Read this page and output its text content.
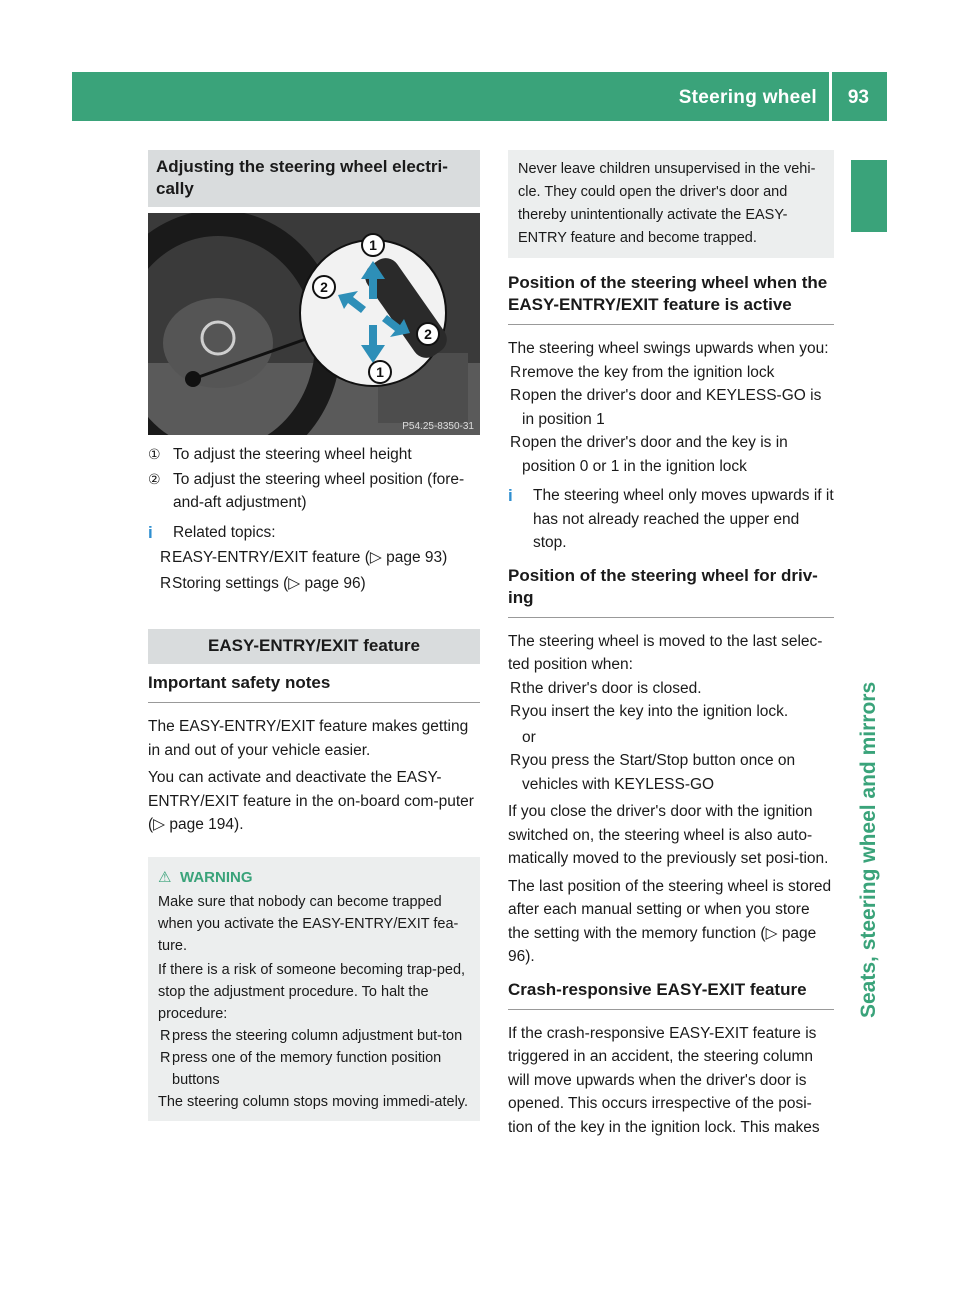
Steering wheel 93
Seats, steering wheel and mirrors
Adjusting the steering wheel electri-
cally
1
2
2
1
P54.25-8350-31
① To adjust the steering wheel height
② To adjust the steering wheel position (fore-and-aft adjustment)
i	Related topics:
R EASY-ENTRY/EXIT feature (▷ page 93)
R Storing settings (▷ page 96)
EASY-ENTRY/EXIT feature
Important safety notes
The EASY-ENTRY/EXIT feature makes getting in and out of your vehicle easier.
You can activate and deactivate the EASY-ENTRY/EXIT feature in the on-board com-puter (▷ page 194).
⚠ WARNING
Make sure that nobody can become trapped when you activate the EASY-ENTRY/EXIT fea-ture.
If there is a risk of someone becoming trap-ped, stop the adjustment procedure. To halt the procedure:
R press the steering column adjustment but-ton
R press one of the memory function position buttons
The steering column stops moving immedi-ately.
Never leave children unsupervised in the vehi-cle. They could open the driver's door and thereby unintentionally activate the EASY-ENTRY feature and become trapped.
Position of the steering wheel when the EASY-ENTRY/EXIT feature is active
The steering wheel swings upwards when you:
R remove the key from the ignition lock
R open the driver's door and KEYLESS-GO is in position 1
R open the driver's door and the key is in position 0 or 1 in the ignition lock
i	The steering wheel only moves upwards if it has not already reached the upper end stop.
Position of the steering wheel for driv-ing
The steering wheel is moved to the last selec-ted position when:
R the driver's door is closed.
R you insert the key into the ignition lock.
or
R you press the Start/Stop button once on vehicles with KEYLESS-GO
If you close the driver's door with the ignition switched on, the steering wheel is also auto-matically moved to the previously set posi-tion.
The last position of the steering wheel is stored after each manual setting or when you store the setting with the memory function (▷ page 96).
Crash-responsive EASY-EXIT feature
If the crash-responsive EASY-EXIT feature is triggered in an accident, the steering column will move upwards when the driver's door is opened. This occurs irrespective of the posi-tion of the key in the ignition lock. This makes
